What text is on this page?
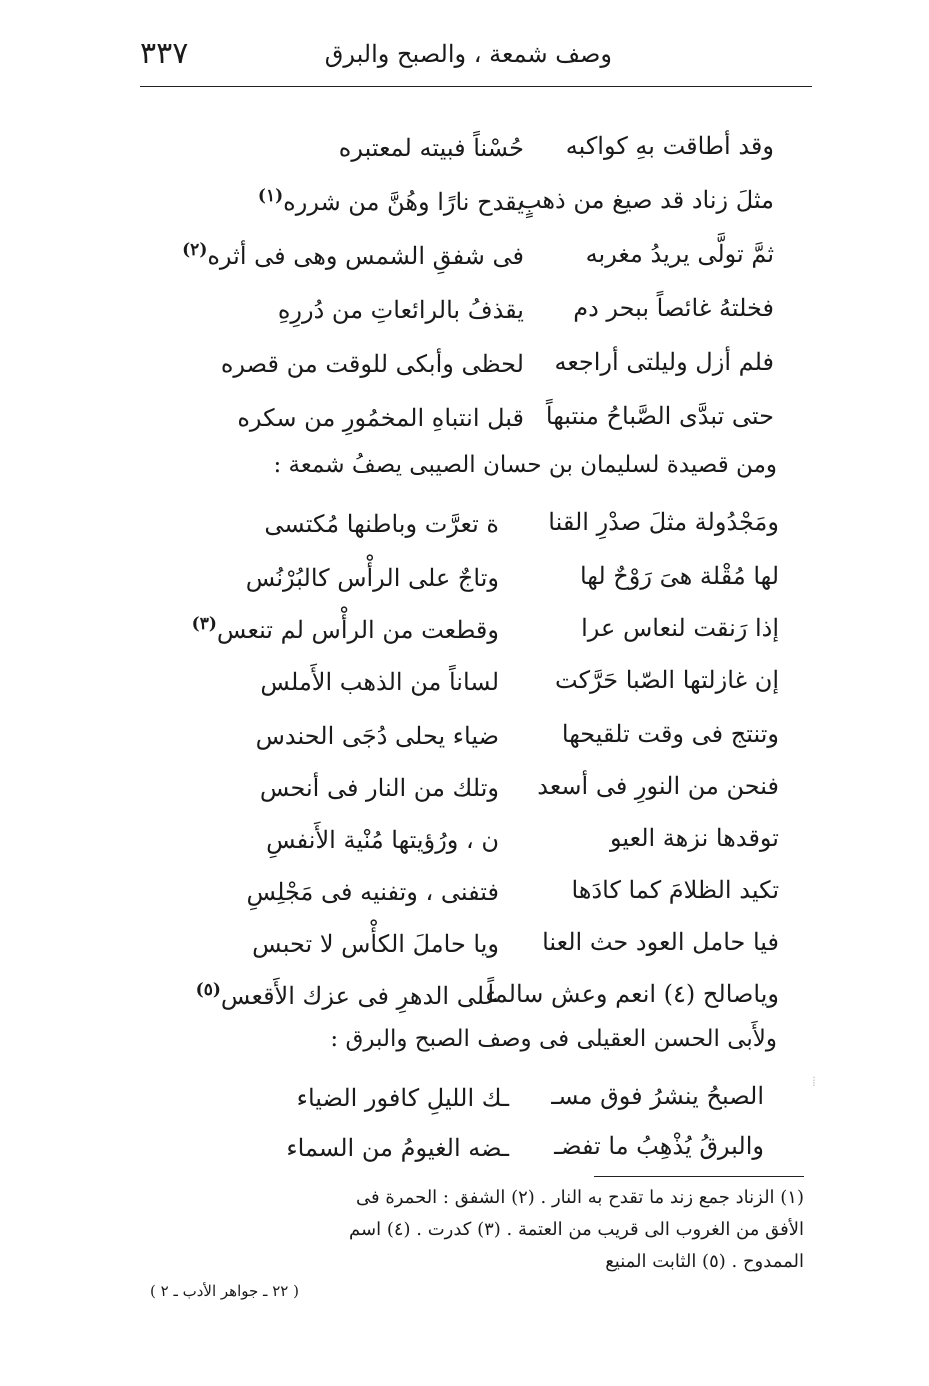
٣٣٧	وصف شمعة ، والصبح والبرق
وقد أطاقت بهِ كواكبه
حُسْناً فبيته لمعتبره
مثلَ زناد قد صيغ من ذهبٍ
يقدح نارًا وهُنَّ من شرره$^{(١)}$
ثمَّ تولَّى يريدُ مغربه
فى شفقِ الشمس وهى فى أثره$^{(٢)}$
فخلتهُ غائصاً ببحر دم
يقذفُ بالرائعاتِ من دُررِهِ
فلم أزل وليلتى أراجعه
لحظى وأبكى للوقت من قصره
حتى تبدَّى الصَّباحُ منتبهاً
قبل انتباهِ المخمُورِ من سكره
ومن قصيدة لسليمان بن حسان الصيبى يصفُ شمعة :
ومَجْدُولة مثلَ صدْرِ القنا
ة تعرَّت وباطنها مُكتسى
لها مُقْلة هىَ رَوْحٌ لها
وتاجٌ على الرأْس كالبُرْنُس
إذا رَنقت لنعاس عرا
وقطعت من الرأْس لم تنعس$^{(٣)}$
إن غازلتها الصّبا حَرَّكت
لساناً من الذهب الأَملس
وتنتج فى وقت تلقيحها
ضياء يحلى دُجَى الحندس
فنحن من النورِ فى أسعد
وتلك من النار فى أنحس
توقدها نزهة العيو
ن ، ورُؤيتها مُنْية الأَنفسِ
تكيد الظلامَ كما كادَها
فتفنى ، وتفنيه فى مَجْلِسِ
فيا حامل العود حث العنا
ويا حاملَ الكأْس لا تحبس
وياصالح (٤) انعم وعش سالماً
على الدهرِ فى عزك الأَقعس$^{(٥)}$
ولأَبى الحسن العقيلى فى وصف الصبح والبرق :
الصبحُ ينشرُ فوق مسـ
ـك الليلِ كافور الضياء
والبرقُ يُذْهِبُ ما تفضـ
ـضه الغيومُ من السماء
⁞
(١) الزناد جمع زند ما تقدح به النار . (٢) الشفق : الحمرة فى
الأفق من الغروب الى قريب من العتمة . (٣) كدرت . (٤) اسم
الممدوح . (٥) الثابت المنيع
( ٢٢ ـ جواهر الأدب ـ ٢ )
